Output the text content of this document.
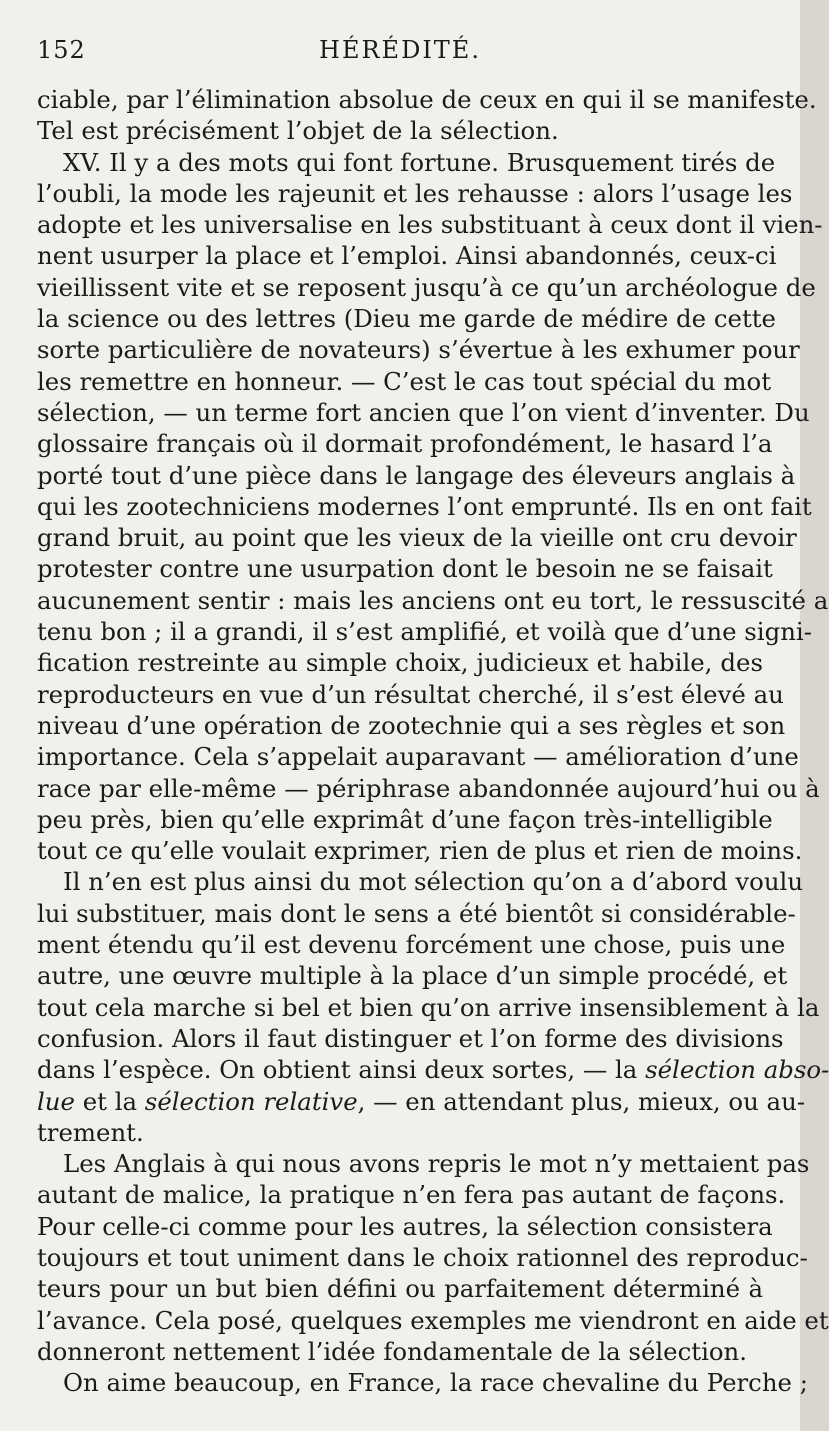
152	HÉRÉDITÉ.
ciable, par l’élimination absolue de ceux en qui il se manifeste.
Tel est précisément l’objet de la sélection.
XV. Il y a des mots qui font fortune. Brusquement tirés de
l’oubli, la mode les rajeunit et les rehausse : alors l’usage les
adopte et les universalise en les substituant à ceux dont il vien-
nent usurper la place et l’emploi. Ainsi abandonnés, ceux-ci
vieillissent vite et se reposent jusqu’à ce qu’un archéologue de
la science ou des lettres (Dieu me garde de médire de cette
sorte particulière de novateurs) s’évertue à les exhumer pour
les remettre en honneur. — C’est le cas tout spécial du mot
sélection, — un terme fort ancien que l’on vient d’inventer. Du
glossaire français où il dormait profondément, le hasard l’a
porté tout d’une pièce dans le langage des éleveurs anglais à
qui les zootechniciens modernes l’ont emprunté. Ils en ont fait
grand bruit, au point que les vieux de la vieille ont cru devoir
protester contre une usurpation dont le besoin ne se faisait
aucunement sentir : mais les anciens ont eu tort, le ressuscité a
tenu bon ; il a grandi, il s’est amplifié, et voilà que d’une signi-
fication restreinte au simple choix, judicieux et habile, des
reproducteurs en vue d’un résultat cherché, il s’est élevé au
niveau d’une opération de zootechnie qui a ses règles et son
importance. Cela s’appelait auparavant — amélioration d’une
race par elle-même — périphrase abandonnée aujourd’hui ou à
peu près, bien qu’elle exprimât d’une façon très-intelligible
tout ce qu’elle voulait exprimer, rien de plus et rien de moins.
Il n’en est plus ainsi du mot sélection qu’on a d’abord voulu
lui substituer, mais dont le sens a été bientôt si considérable-
ment étendu qu’il est devenu forcément une chose, puis une
autre, une œuvre multiple à la place d’un simple procédé, et
tout cela marche si bel et bien qu’on arrive insensiblement à la
confusion. Alors il faut distinguer et l’on forme des divisions
dans l’espèce. On obtient ainsi deux sortes, — la sélection abso-
lue et la sélection relative, — en attendant plus, mieux, ou au-
trement.
Les Anglais à qui nous avons repris le mot n’y mettaient pas
autant de malice, la pratique n’en fera pas autant de façons.
Pour celle-ci comme pour les autres, la sélection consistera
toujours et tout uniment dans le choix rationnel des reproduc-
teurs pour un but bien défini ou parfaitement déterminé à
l’avance. Cela posé, quelques exemples me viendront en aide et
donneront nettement l’idée fondamentale de la sélection.
On aime beaucoup, en France, la race chevaline du Perche ;
